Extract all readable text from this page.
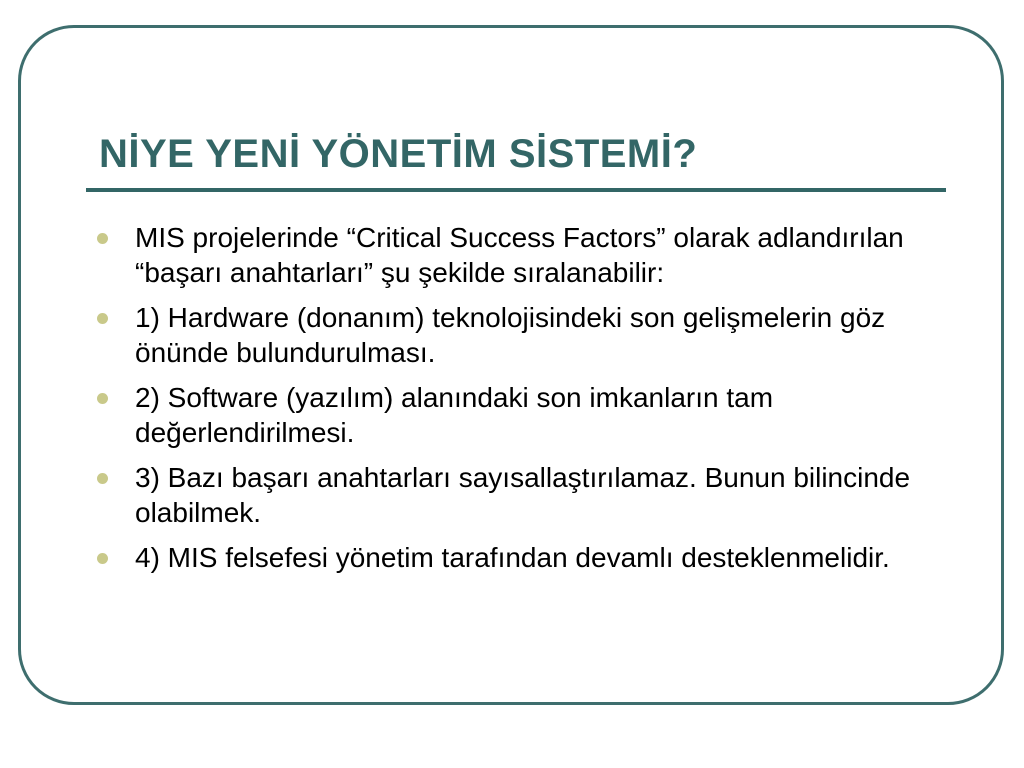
NİYE YENİ YÖNETİM SİSTEMİ?
MIS projelerinde “Critical Success Factors” olarak adlandırılan “başarı anahtarları” şu şekilde sıralanabilir:
1) Hardware (donanım) teknolojisindeki son gelişmelerin göz önünde bulundurulması.
2) Software (yazılım) alanındaki son imkanların tam değerlendirilmesi.
3) Bazı başarı anahtarları sayısallaştırılamaz. Bunun bilincinde olabilmek.
4) MIS felsefesi yönetim tarafından devamlı desteklenmelidir.
